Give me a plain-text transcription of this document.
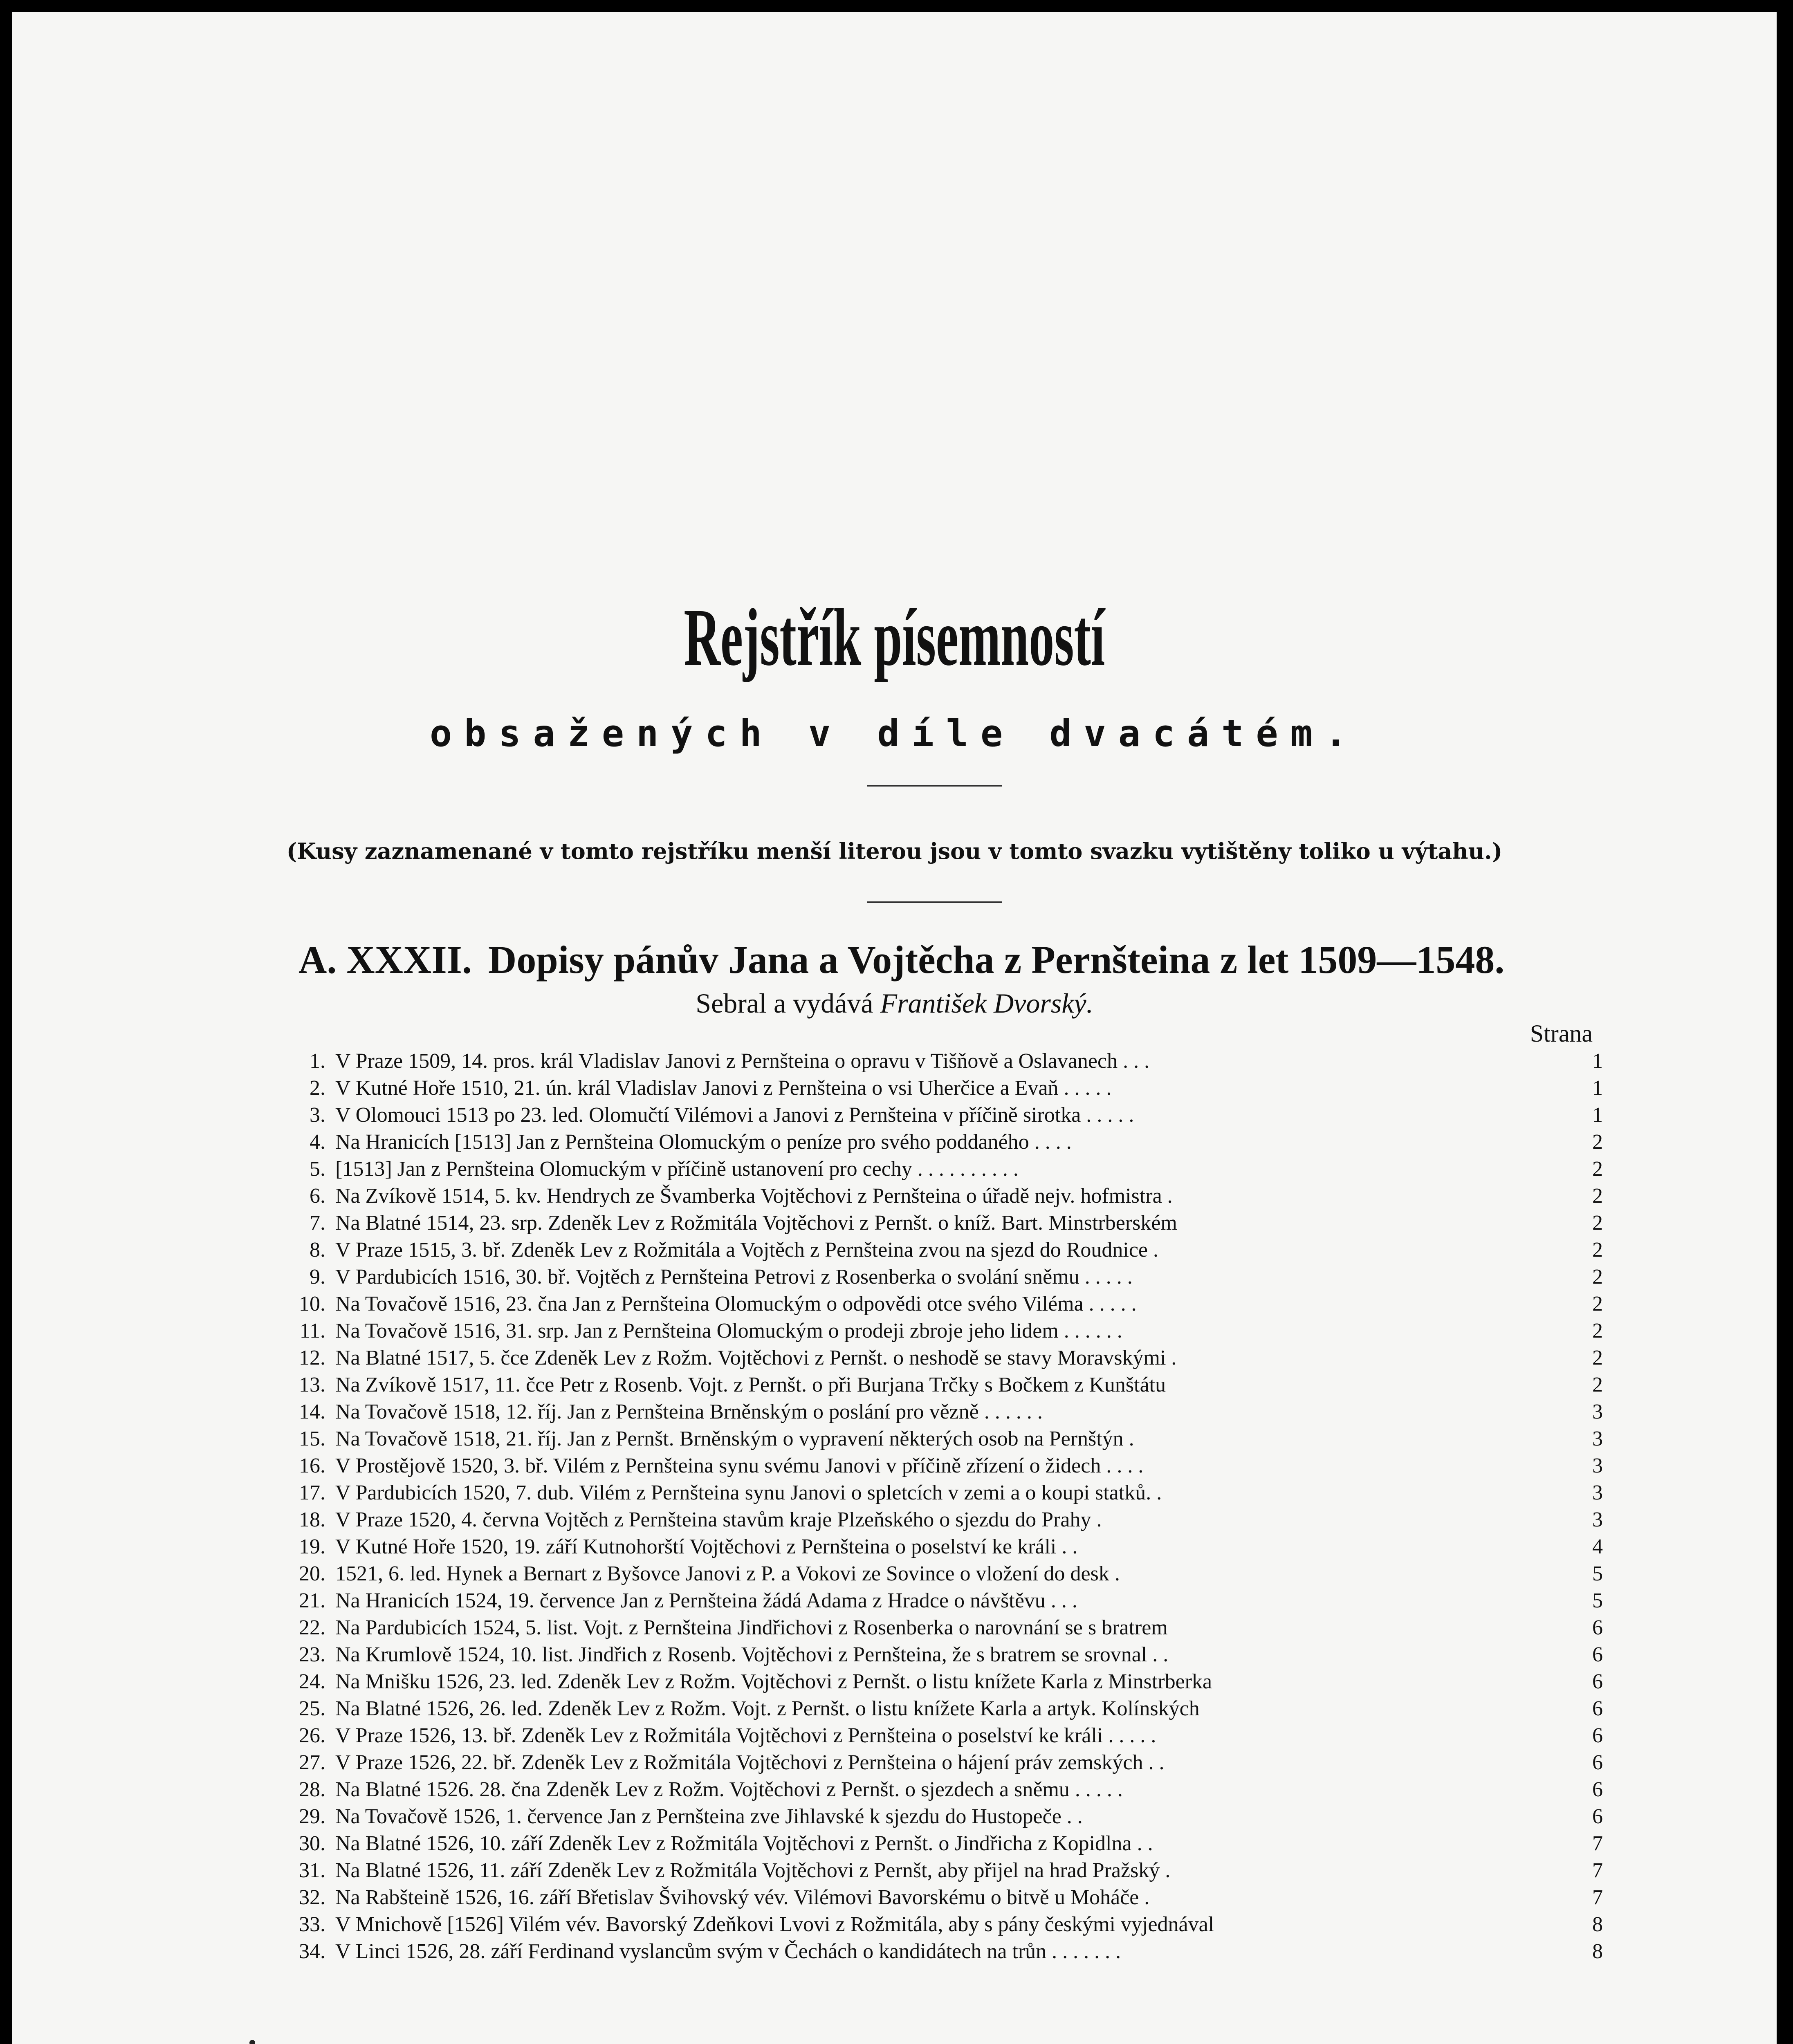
Rejstřík písemností
obsažených v díle dvacátém.
(Kusy zaznamenané v tomto rejstříku menší literou jsou v tomto svazku vytištěny toliko u výtahu.)
A. XXXII. Dopisy pánův Jana a Vojtěcha z Pernšteina z let 1509—1548.
Sebral a vydává František Dvorský.
Strana
1. V Praze 1509, 14. pros. král Vladislav Janovi z Pernšteina o opravu v Tišňově a Oslavanech . . .	1
2. V Kutné Hoře 1510, 21. ún. král Vladislav Janovi z Pernšteina o vsi Uherčice a Evaň . . . . .	1
3. V Olomouci 1513 po 23. led. Olomučtí Vilémovi a Janovi z Pernšteina v příčině sirotka . . . . .	1
4. Na Hranicích [1513] Jan z Pernšteina Olomuckým o peníze pro svého poddaného . . . .	2
5. [1513] Jan z Pernšteina Olomuckým v příčině ustanovení pro cechy . . . . . . . . . .	2
6. Na Zvíkově 1514, 5. kv. Hendrych ze Švamberka Vojtěchovi z Pernšteina o úřadě nejv. hofmistra .	2
7. Na Blatné 1514, 23. srp. Zdeněk Lev z Rožmitála Vojtěchovi z Pernšt. o kníž. Bart. Minstrberském	2
8. V Praze 1515, 3. bř. Zdeněk Lev z Rožmitála a Vojtěch z Pernšteina zvou na sjezd do Roudnice .	2
9. V Pardubicích 1516, 30. bř. Vojtěch z Pernšteina Petrovi z Rosenberka o svolání sněmu . . . . .	2
10. Na Tovačově 1516, 23. čna Jan z Pernšteina Olomuckým o odpovědi otce svého Viléma . . . . .	2
11. Na Tovačově 1516, 31. srp. Jan z Pernšteina Olomuckým o prodeji zbroje jeho lidem . . . . . .	2
12. Na Blatné 1517, 5. čce Zdeněk Lev z Rožm. Vojtěchovi z Pernšt. o neshodě se stavy Moravskými .	2
13. Na Zvíkově 1517, 11. čce Petr z Rosenb. Vojt. z Pernšt. o při Burjana Trčky s Bočkem z Kunštátu	2
14. Na Tovačově 1518, 12. říj. Jan z Pernšteina Brněnským o poslání pro vězně . . . . . .	3
15. Na Tovačově 1518, 21. říj. Jan z Pernšt. Brněnským o vypravení některých osob na Pernštýn .	3
16. V Prostějově 1520, 3. bř. Vilém z Pernšteina synu svému Janovi v příčině zřízení o židech . . . .	3
17. V Pardubicích 1520, 7. dub. Vilém z Pernšteina synu Janovi o spletcích v zemi a o koupi statků. .	3
18. V Praze 1520, 4. června Vojtěch z Pernšteina stavům kraje Plzeňského o sjezdu do Prahy .	3
19. V Kutné Hoře 1520, 19. září Kutnohorští Vojtěchovi z Pernšteina o poselství ke králi . .	4
20. 1521, 6. led. Hynek a Bernart z Byšovce Janovi z P. a Vokovi ze Sovince o vložení do desk .	5
21. Na Hranicích 1524, 19. července Jan z Pernšteina žádá Adama z Hradce o návštěvu . . .	5
22. Na Pardubicích 1524, 5. list. Vojt. z Pernšteina Jindřichovi z Rosenberka o narovnání se s bratrem	6
23. Na Krumlově 1524, 10. list. Jindřich z Rosenb. Vojtěchovi z Pernšteina, že s bratrem se srovnal . .	6
24. Na Mnišku 1526, 23. led. Zdeněk Lev z Rožm. Vojtěchovi z Pernšt. o listu knížete Karla z Minstrberka	6
25. Na Blatné 1526, 26. led. Zdeněk Lev z Rožm. Vojt. z Pernšt. o listu knížete Karla a artyk. Kolínských	6
26. V Praze 1526, 13. bř. Zdeněk Lev z Rožmitála Vojtěchovi z Pernšteina o poselství ke králi . . . . .	6
27. V Praze 1526, 22. bř. Zdeněk Lev z Rožmitála Vojtěchovi z Pernšteina o hájení práv zemských . .	6
28. Na Blatné 1526. 28. čna Zdeněk Lev z Rožm. Vojtěchovi z Pernšt. o sjezdech a sněmu . . . . .	6
29. Na Tovačově 1526, 1. července Jan z Pernšteina zve Jihlavské k sjezdu do Hustopeče . .	6
30. Na Blatné 1526, 10. září Zdeněk Lev z Rožmitála Vojtěchovi z Pernšt. o Jindřicha z Kopidlna . .	7
31. Na Blatné 1526, 11. září Zdeněk Lev z Rožmitála Vojtěchovi z Pernšt, aby přijel na hrad Pražský .	7
32. Na Rabšteině 1526, 16. září Břetislav Švihovský vév. Vilémovi Bavorskému o bitvě u Moháče .	7
33. V Mnichově [1526] Vilém vév. Bavorský Zdeňkovi Lvovi z Rožmitála, aby s pány českými vyjednával	8
34. V Linci 1526, 28. září Ferdinand vyslancům svým v Čechách o kandidátech na trůn . . . . . . .	8
